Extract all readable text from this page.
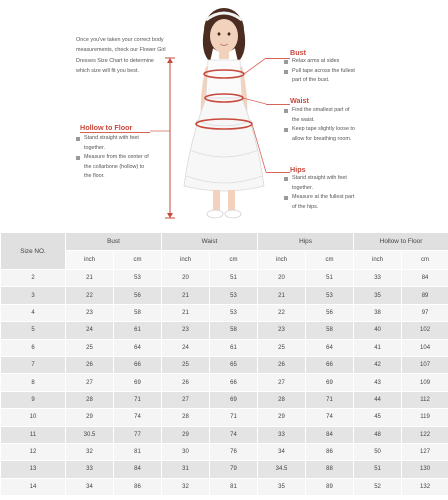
Once you've taken your correct body measurements, check our Flower Girl Dresses Size Chart to determine which size will fit you best.
Bust
Relax arms at sides
Pull tape across the fullest
part of the bust.
Waist
Find the smallest part of
the waist.
Keep tape slightly loose to
allow for breathing room.
Hips
Stand straight with feet
together.
Measure at the fullest part
of the hips.
Hollow to Floor
Stand straight with feet
together.
Measure from the center of
the collarbone (hollow) to
the floor.
Size NO.	Bust		Waist		Hips		Hollow to Floor	
	inch	cm	inch	cm	inch	cm	inch	cm
2	21	53	20	51	20	51	33	84
3	22	56	21	53	21	53	35	89
4	23	58	21	53	22	56	38	97
5	24	61	23	58	23	58	40	102
6	25	64	24	61	25	64	41	104
7	26	66	25	65	26	66	42	107
8	27	69	26	66	27	69	43	109
9	28	71	27	69	28	71	44	112
10	29	74	28	71	29	74	45	119
11	30.5	77	29	74	33	84	48	122
12	32	81	30	76	34	86	50	127
13	33	84	31	79	34.5	88	51	130
14	34	86	32	81	35	89	52	132
